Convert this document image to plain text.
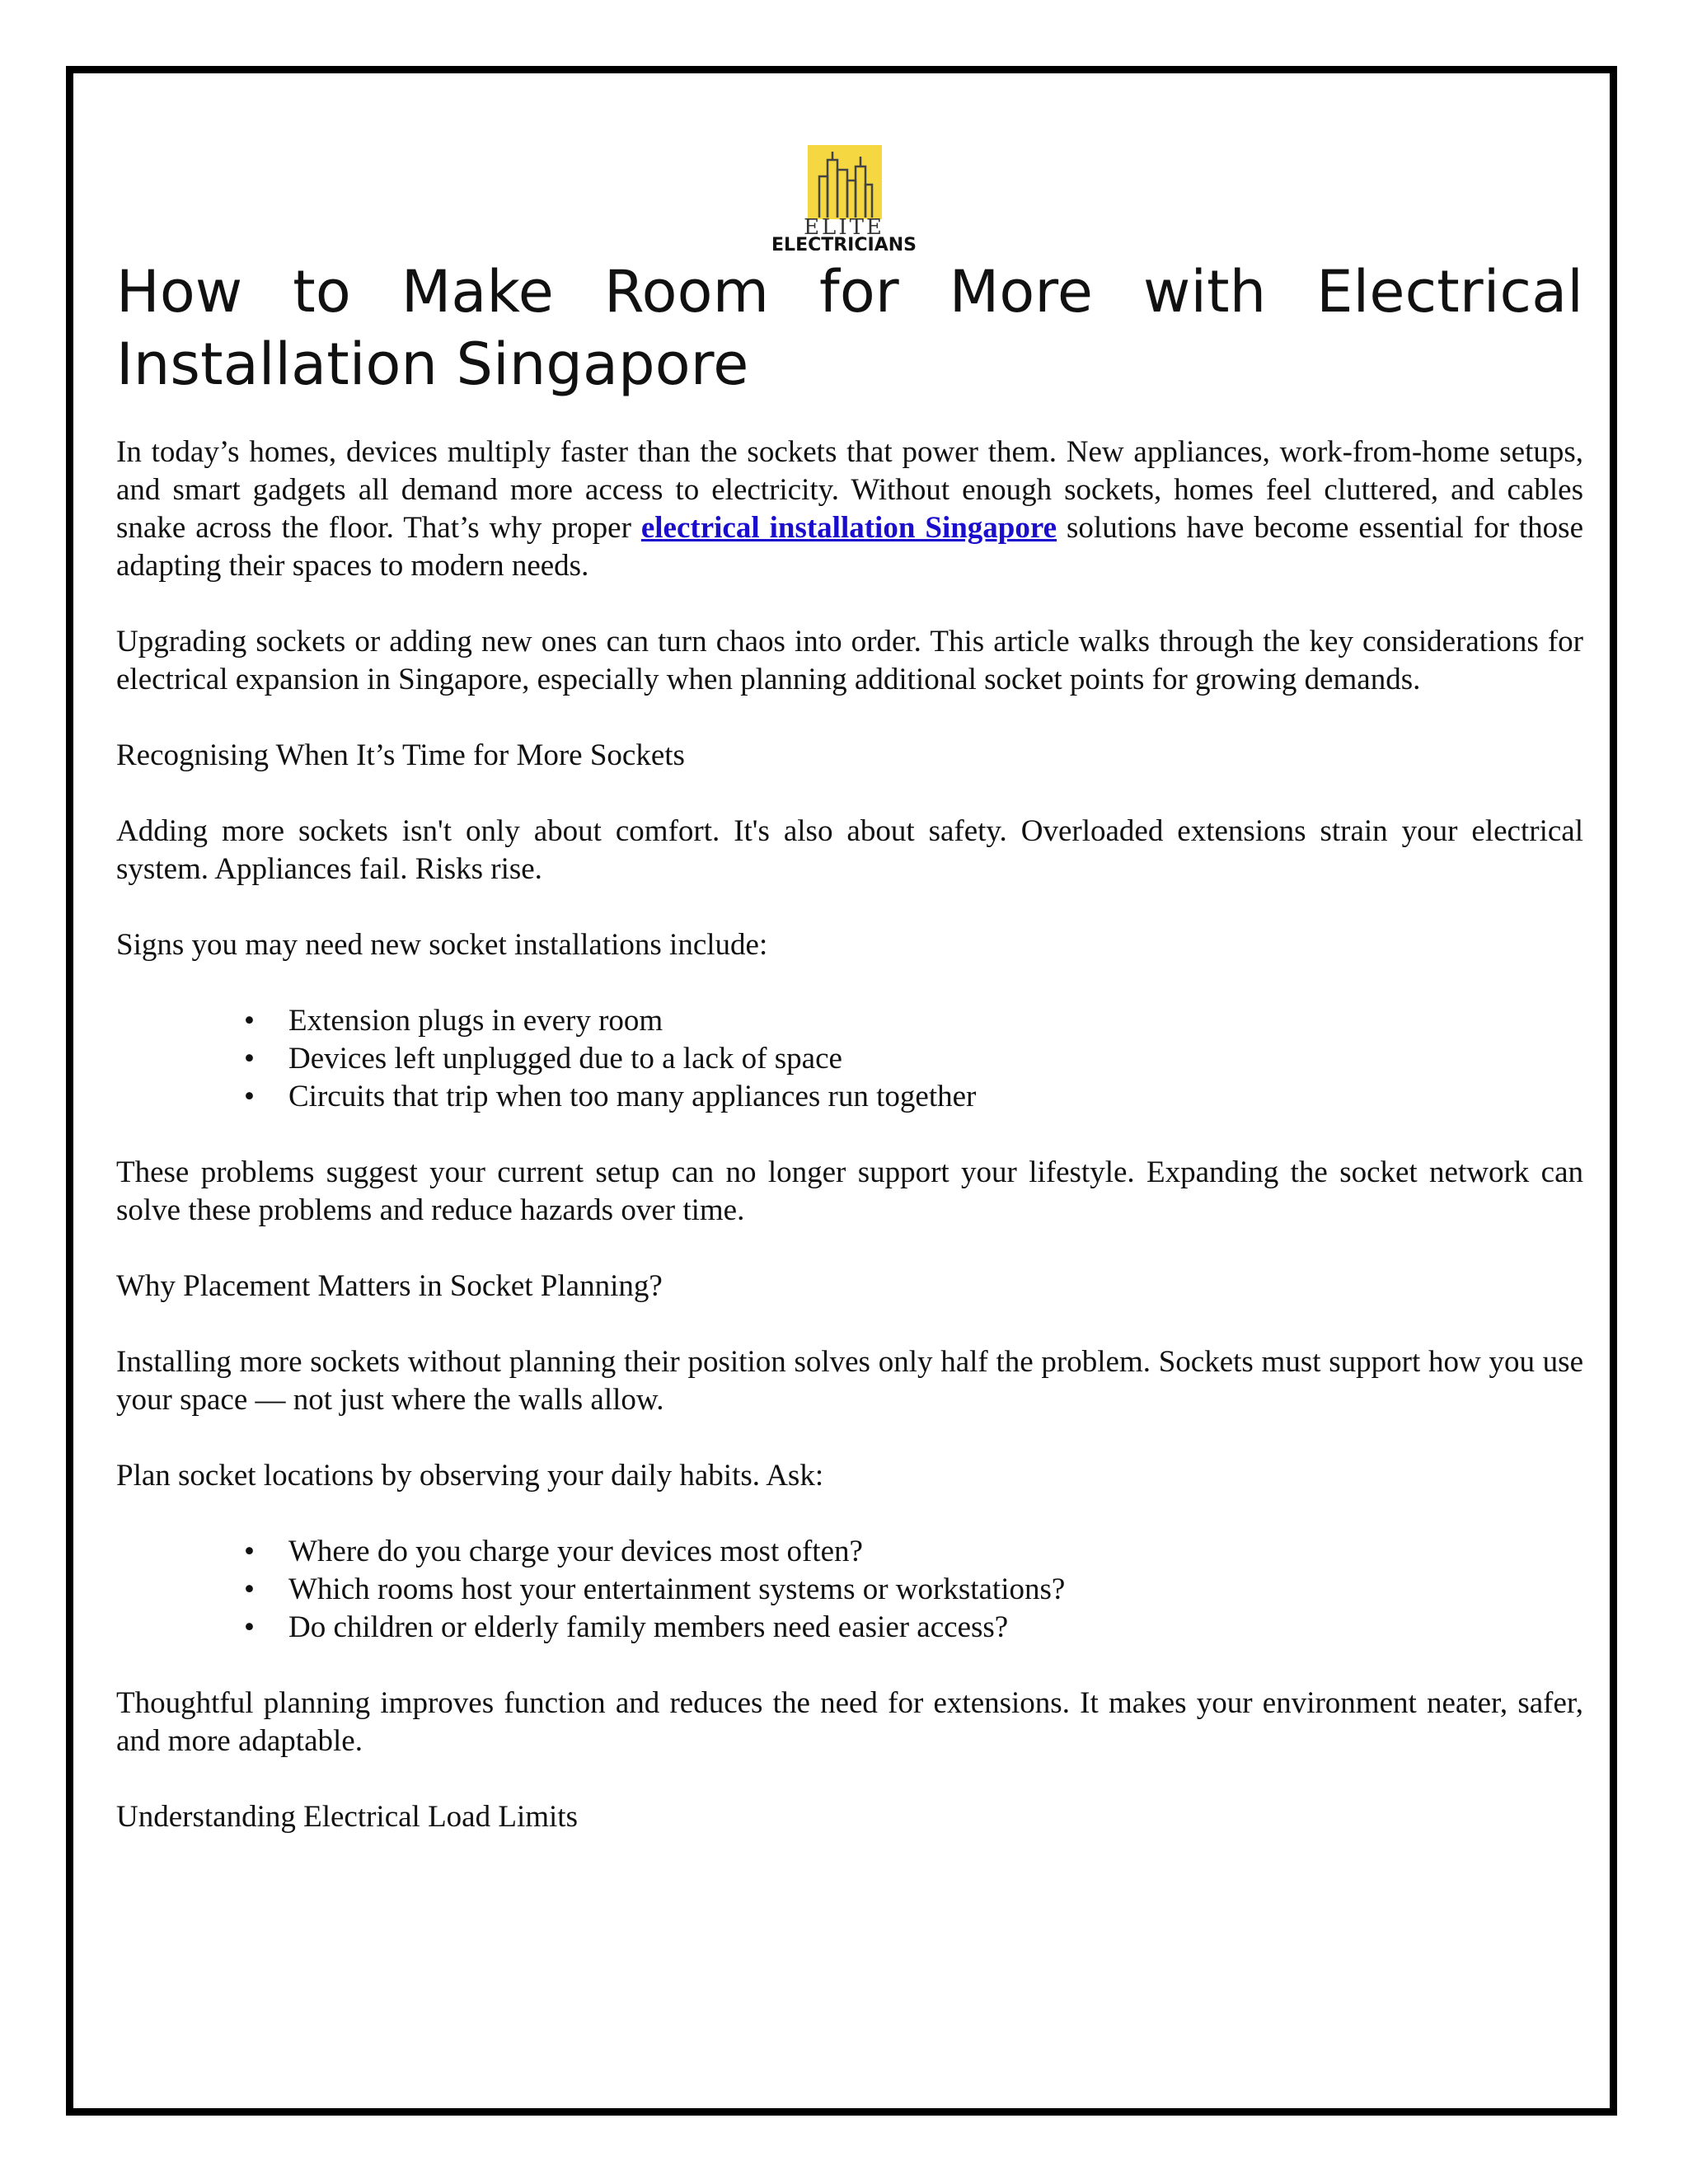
ELITE
ELECTRICIANS
How to Make Room for More with Electrical Installation Singapore

In today’s homes, devices multiply faster than the sockets that power them. New appliances, work-from-home setups, and smart gadgets all demand more access to electricity. Without enough sockets, homes feel cluttered, and cables snake across the floor. That’s why proper electrical installation Singapore solutions have become essential for those adapting their spaces to modern needs.

Upgrading sockets or adding new ones can turn chaos into order. This article walks through the key considerations for electrical expansion in Singapore, especially when planning additional socket points for growing demands.

Recognising When It’s Time for More Sockets

Adding more sockets isn't only about comfort. It's also about safety. Overloaded extensions strain your electrical system. Appliances fail. Risks rise.

Signs you may need new socket installations include:

• Extension plugs in every room
• Devices left unplugged due to a lack of space
• Circuits that trip when too many appliances run together

These problems suggest your current setup can no longer support your lifestyle. Expanding the socket network can solve these problems and reduce hazards over time.

Why Placement Matters in Socket Planning?

Installing more sockets without planning their position solves only half the problem. Sockets must support how you use your space — not just where the walls allow.

Plan socket locations by observing your daily habits. Ask:

• Where do you charge your devices most often?
• Which rooms host your entertainment systems or workstations?
• Do children or elderly family members need easier access?

Thoughtful planning improves function and reduces the need for extensions. It makes your environment neater, safer, and more adaptable.

Understanding Electrical Load Limits
